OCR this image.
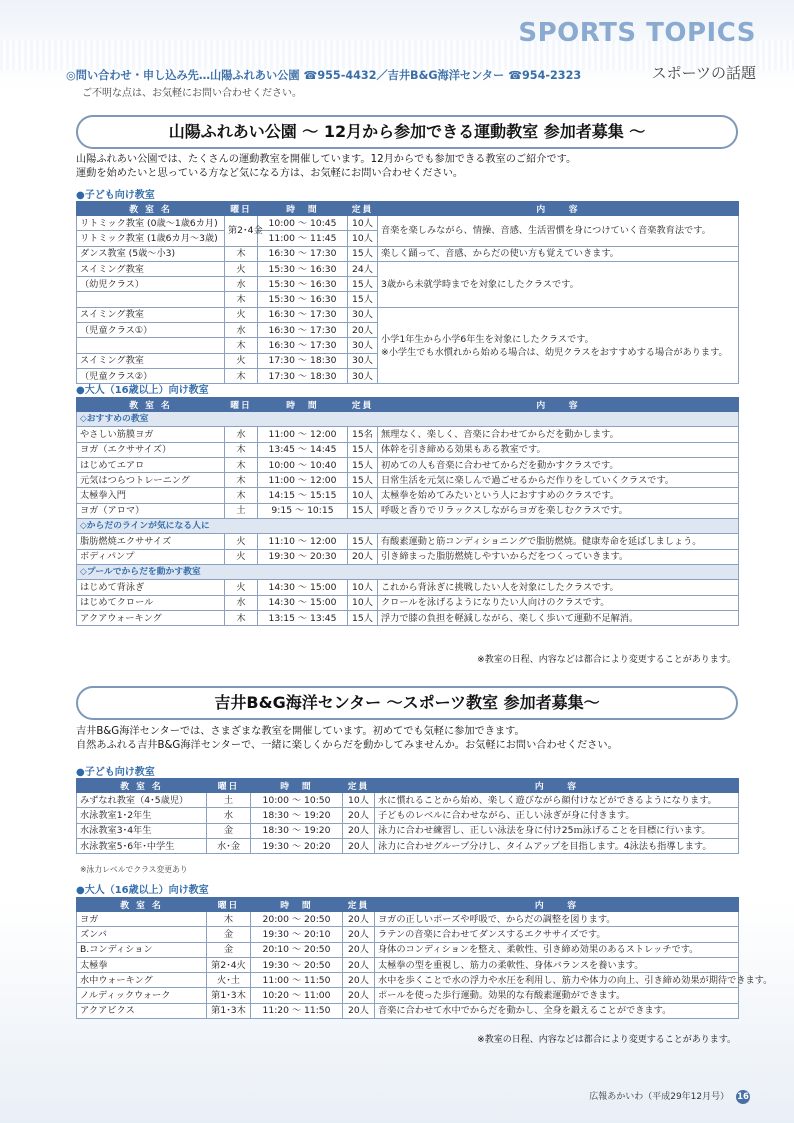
SPORTS TOPICS
スポーツの話題
◎問い合わせ・申し込み先…山陽ふれあい公園 ☎955-4432／吉井B&G海洋センター ☎954-2323
ご不明な点は、お気軽にお問い合わせください。
山陽ふれあい公園 ～ 12月から参加できる運動教室 参加者募集 ～
山陽ふれあい公園では、たくさんの運動教室を開催しています。12月からでも参加できる教室のご紹介です。
運動を始めたいと思っている方など気になる方は、お気軽にお問い合わせください。
●子ども向け教室
教 室 名	曜日	時　間	定員	内　　容
リトミック教室 (0歳～1歳6カ月)	第2･4金	10:00 ～ 10:45	10人	音楽を楽しみながら、情操、音感、生活習慣を身につけていく音楽教育法です。
リトミック教室 (1歳6カ月～3歳)		11:00 ～ 11:45	10人	
ダンス教室 (5歳～小3)	木	16:30 ～ 17:30	15人	楽しく踊って、音感、からだの使い方も覚えていきます。
スイミング教室	火	15:30 ～ 16:30	24人	3歳から未就学時までを対象にしたクラスです。
（幼児クラス）	水	15:30 ～ 16:30	15人	
	木	15:30 ～ 16:30	15人	
スイミング教室	火	16:30 ～ 17:30	30人	小学1年生から小学6年生を対象にしたクラスです。
※小学生でも水慣れから始める場合は、幼児クラスをおすすめする場合があります。

（児童クラス①）	水	16:30 ～ 17:30	20人	
	木	16:30 ～ 17:30	30人	
スイミング教室	火	17:30 ～ 18:30	30人	
（児童クラス②）	木	17:30 ～ 18:30	30人	
●大人（16歳以上）向け教室
教 室 名	曜日	時　間	定員	内　　容
◇おすすめの教室				
やさしい筋膜ヨガ	水	11:00 ～ 12:00	15名	無理なく、楽しく、音楽に合わせてからだを動かします。
ヨガ（エクササイズ）	木	13:45 ～ 14:45	15人	体幹を引き締める効果もある教室です。
はじめてエアロ	木	10:00 ～ 10:40	15人	初めての人も音楽に合わせてからだを動かすクラスです。
元気はつらつトレーニング	木	11:00 ～ 12:00	15人	日常生活を元気に楽しんで過ごせるからだ作りをしていくクラスです。
太極拳入門	木	14:15 ～ 15:15	10人	太極拳を始めてみたいという人におすすめのクラスです。
ヨガ（アロマ）	土	9:15 ～ 10:15	15人	呼吸と香りでリラックスしながらヨガを楽しむクラスです。
◇からだのラインが気になる人に				
脂肪燃焼エクササイズ	火	11:10 ～ 12:00	15人	有酸素運動と筋コンディショニングで脂肪燃焼。健康寿命を延ばしましょう。
ボディパンプ	火	19:30 ～ 20:30	20人	引き締まった脂肪燃焼しやすいからだをつくっていきます。
◇プールでからだを動かす教室				
はじめて背泳ぎ	火	14:30 ～ 15:00	10人	これから背泳ぎに挑戦したい人を対象にしたクラスです。
はじめてクロール	水	14:30 ～ 15:00	10人	クロールを泳げるようになりたい人向けのクラスです。
アクアウォーキング	木	13:15 ～ 13:45	15人	浮力で膝の負担を軽減しながら、楽しく歩いて運動不足解消。
※教室の日程、内容などは都合により変更することがあります。
吉井B&G海洋センター ～スポーツ教室 参加者募集～
吉井B&G海洋センターでは、さまざまな教室を開催しています。初めてでも気軽に参加できます。
自然あふれる吉井B&G海洋センターで、一緒に楽しくからだを動かしてみませんか。お気軽にお問い合わせください。
●子ども向け教室
教 室 名	曜日	時　間	定員	内　　容
みずなれ教室（4･5歳児）	土	10:00 ～ 10:50	10人	水に慣れることから始め、楽しく遊びながら顔付けなどができるようになります。
水泳教室1･2年生	水	18:30 ～ 19:20	20人	子どものレベルに合わせながら、正しい泳ぎが身に付きます。
水泳教室3･4年生	金	18:30 ～ 19:20	20人	泳力に合わせ練習し、正しい泳法を身に付け25ｍ泳げることを目標に行います。
水泳教室5･6年･中学生	水･金	19:30 ～ 20:20	20人	泳力に合わせグループ分けし、タイムアップを目指します。4泳法も指導します。
※泳力レベルでクラス変更あり
●大人（16歳以上）向け教室
教 室 名	曜日	時　間	定員	内　　容
ヨガ	木	20:00 ～ 20:50	20人	ヨガの正しいポーズや呼吸で、からだの調整を図ります。
ズンバ	金	19:30 ～ 20:10	20人	ラテンの音楽に合わせてダンスするエクササイズです。
B.コンディション	金	20:10 ～ 20:50	20人	身体のコンディションを整え、柔軟性、引き締め効果のあるストレッチです。
太極拳	第2･4火	19:30 ～ 20:50	20人	太極拳の型を重視し、筋力の柔軟性、身体バランスを養います。
水中ウォーキング	火･土	11:00 ～ 11:50	20人	水中を歩くことで水の浮力や水圧を利用し、筋力や体力の向上、引き締め効果が期待できます。
ノルディックウォーク	第1･3木	10:20 ～ 11:00	20人	ポールを使った歩行運動。効果的な有酸素運動ができます。
アクアビクス	第1･3木	11:20 ～ 11:50	20人	音楽に合わせて水中でからだを動かし、全身を鍛えることができます。
※教室の日程、内容などは都合により変更することがあります。
広報あかいわ（平成29年12月号） 16
